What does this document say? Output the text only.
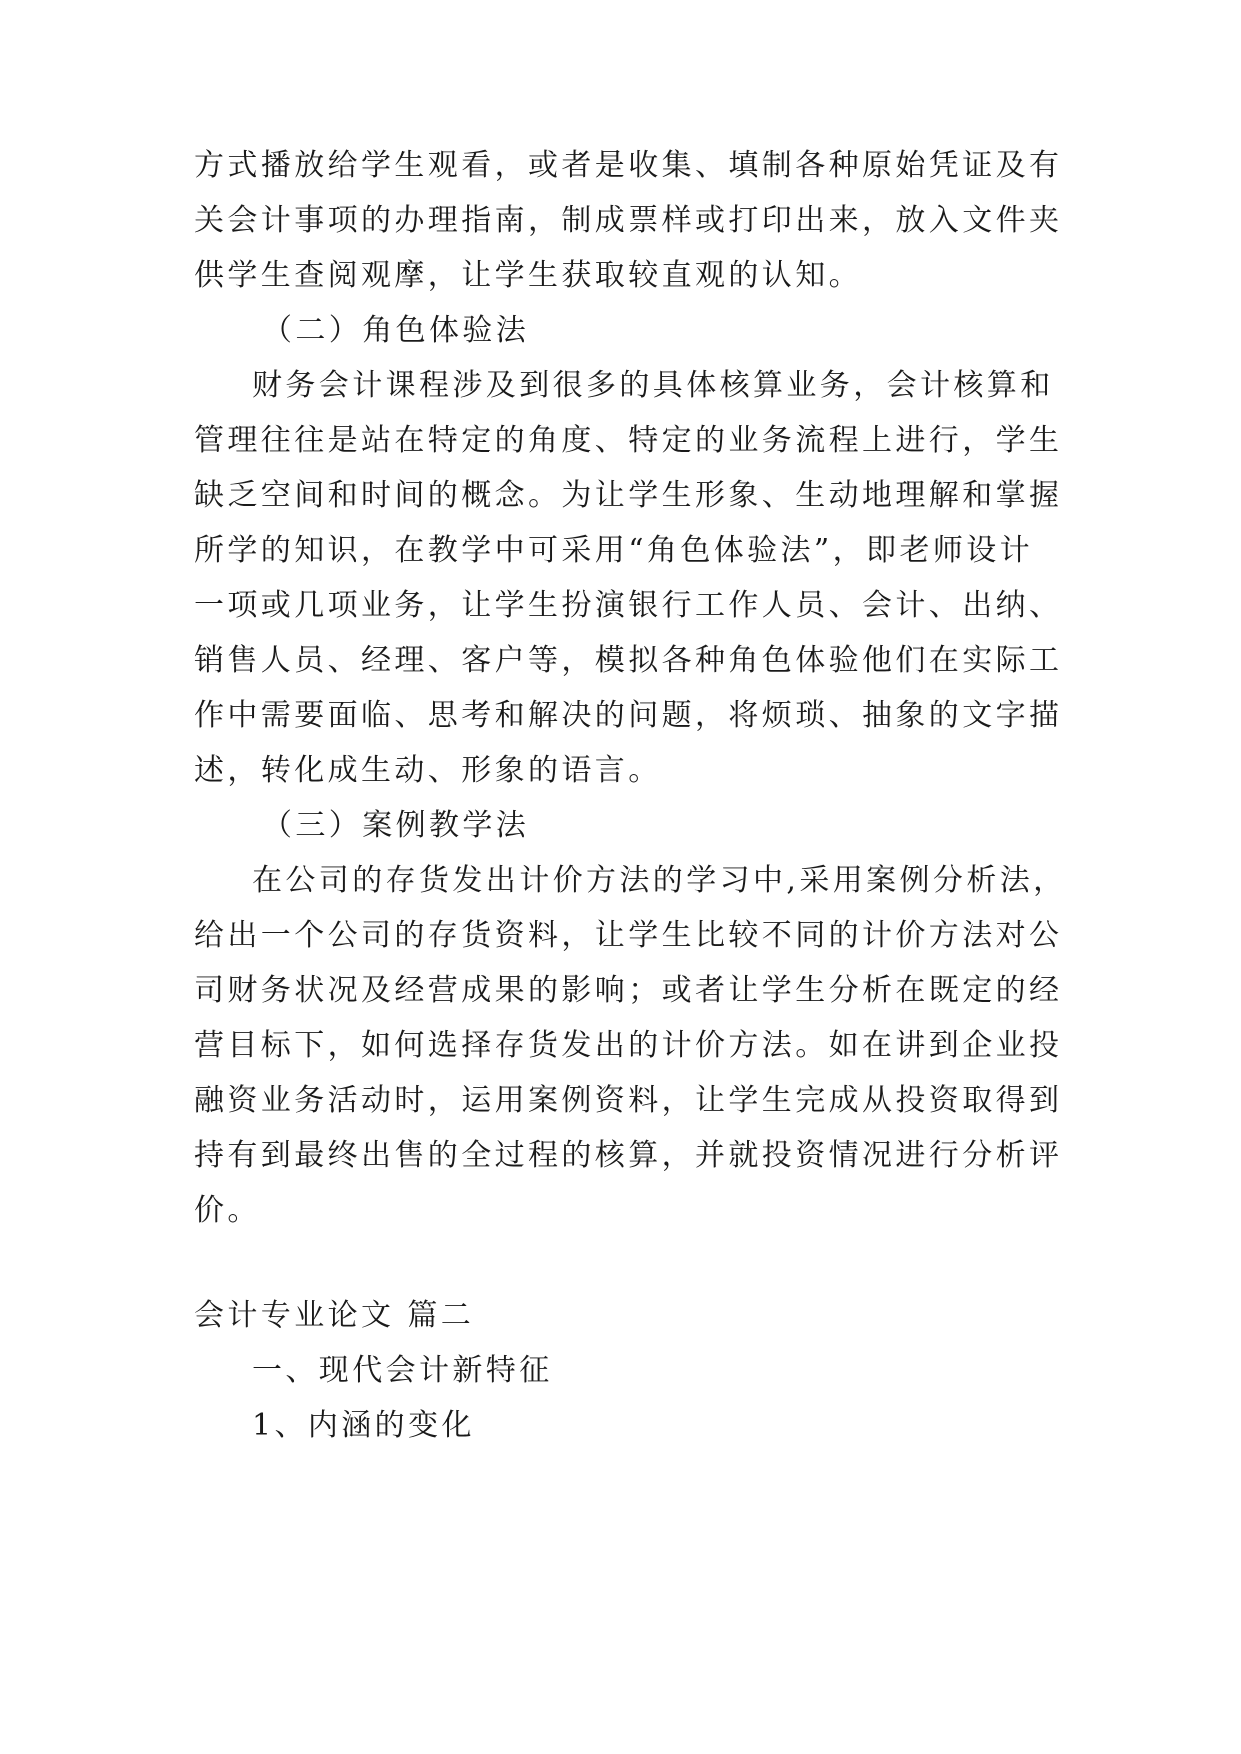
方式播放给学生观看，或者是收集、填制各种原始凭证及有
关会计事项的办理指南，制成票样或打印出来，放入文件夹
供学生查阅观摩，让学生获取较直观的认知。
（二）角色体验法
财务会计课程涉及到很多的具体核算业务，会计核算和
管理往往是站在特定的角度、特定的业务流程上进行，学生
缺乏空间和时间的概念。为让学生形象、生动地理解和掌握
所学的知识，在教学中可采用“角色体验法”，即老师设计
一项或几项业务，让学生扮演银行工作人员、会计、出纳、
销售人员、经理、客户等，模拟各种角色体验他们在实际工
作中需要面临、思考和解决的问题，将烦琐、抽象的文字描
述，转化成生动、形象的语言。
（三）案例教学法
在公司的存货发出计价方法的学习中,采用案例分析法，
给出一个公司的存货资料，让学生比较不同的计价方法对公
司财务状况及经营成果的影响；或者让学生分析在既定的经
营目标下，如何选择存货发出的计价方法。如在讲到企业投
融资业务活动时，运用案例资料，让学生完成从投资取得到
持有到最终出售的全过程的核算，并就投资情况进行分析评
价。
会计专业论文 篇二
一、现代会计新特征
1、内涵的变化
